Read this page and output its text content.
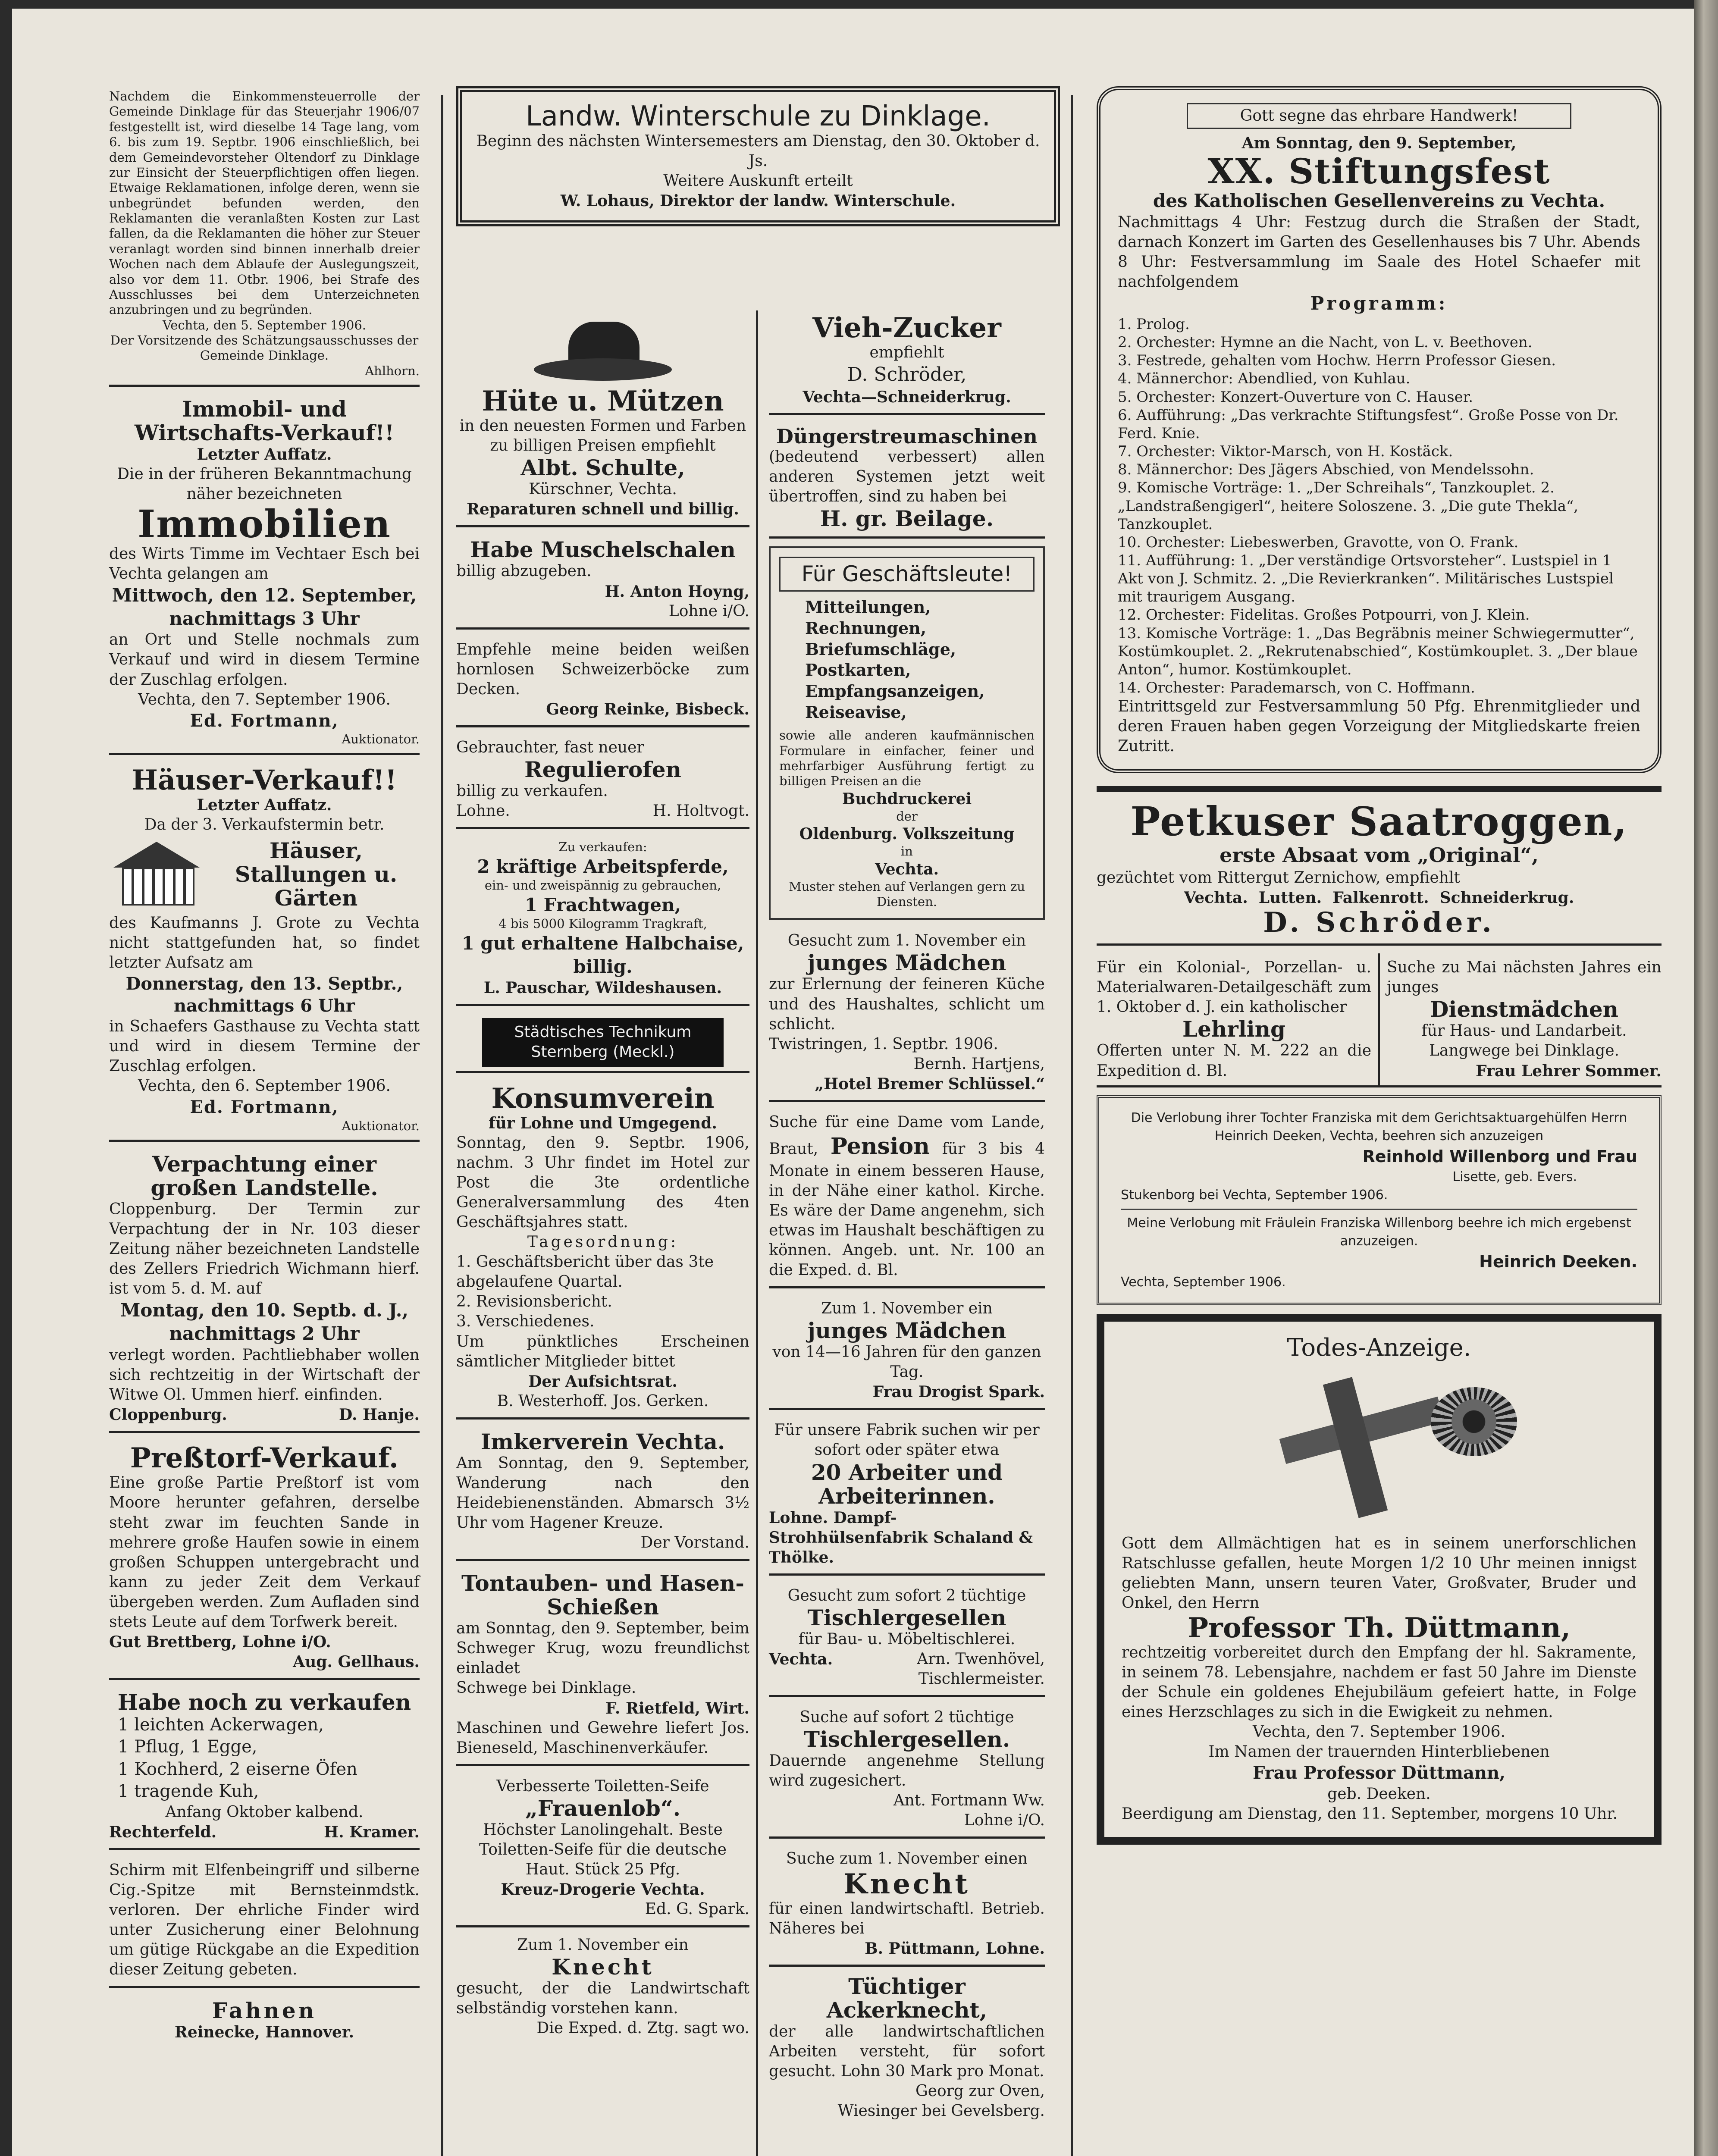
Nachdem die Einkommensteuerrolle der Gemeinde Dinklage für das Steuerjahr 1906/07 festgestellt ist, wird dieselbe 14 Tage lang, vom 6. bis zum 19. Septbr. 1906 einschließlich, bei dem Gemeindevorsteher Oltendorf zu Dinklage zur Einsicht der Steuerpflichtigen offen liegen. Etwaige Reklamationen, infolge deren, wenn sie unbegründet befunden werden, den Reklamanten die veranlaßten Kosten zur Last fallen, da die Reklamanten die höher zur Steuer veranlagt worden sind binnen innerhalb dreier Wochen nach dem Ablaufe der Auslegungszeit, also vor dem 11. Otbr. 1906, bei Strafe des Ausschlusses bei dem Unterzeichneten anzubringen und zu begründen.
Vechta, den 5. September 1906.
Der Vorsitzende des Schätzungsausschusses der Gemeinde Dinklage.
Ahlhorn.
Immobil- und Wirtschafts-Verkauf!!
Letzter Auffatz.
Die in der früheren Bekanntmachung näher bezeichneten
Immobilien
des Wirts Timme im Vechtaer Esch bei Vechta gelangen am
Mittwoch, den 12. September, nachmittags 3 Uhr
an Ort und Stelle nochmals zum Verkauf und wird in diesem Termine der Zuschlag erfolgen.
Vechta, den 7. September 1906.
Ed. Fortmann,
Auktionator.
Häuser-Verkauf!!
Letzter Auffatz.
Da der 3. Verkaufstermin betr.
Häuser, Stallungen u. Gärten
des Kaufmanns J. Grote zu Vechta nicht stattgefunden hat, so findet letzter Aufsatz am
Donnerstag, den 13. Septbr., nachmittags 6 Uhr
in Schaefers Gasthause zu Vechta statt und wird in diesem Termine der Zuschlag erfolgen.
Vechta, den 6. September 1906.
Ed. Fortmann,
Auktionator.
Verpachtung einer großen Landstelle.
Cloppenburg. Der Termin zur Verpachtung der in Nr. 103 dieser Zeitung näher bezeichneten Landstelle des Zellers Friedrich Wichmann hierf. ist vom 5. d. M. auf
Montag, den 10. Septb. d. J., nachmittags 2 Uhr
verlegt worden. Pachtliebhaber wollen sich rechtzeitig in der Wirtschaft der Witwe Ol. Ummen hierf. einfinden.
Cloppenburg.	D. Hanje.
Preßtorf-Verkauf.
Eine große Partie Preßtorf ist vom Moore herunter gefahren, derselbe steht zwar im feuchten Sande in mehrere große Haufen sowie in einem großen Schuppen untergebracht und kann zu jeder Zeit dem Verkauf übergeben werden. Zum Aufladen sind stets Leute auf dem Torfwerk bereit.
Gut Brettberg, Lohne i/O.
Aug. Gellhaus.
Habe noch zu verkaufen
1 leichten Ackerwagen,
1 Pflug, 1 Egge,
1 Kochherd, 2 eiserne Öfen
1 tragende Kuh,
Anfang Oktober kalbend.
Rechterfeld.	H. Kramer.
Schirm mit Elfenbeingriff und silberne Cig.-Spitze mit Bernsteinmdstk. verloren. Der ehrliche Finder wird unter Zusicherung einer Belohnung um gütige Rückgabe an die Expedition dieser Zeitung gebeten.
Fahnen
Reinecke, Hannover.
Landw. Winterschule zu Dinklage.
Beginn des nächsten Wintersemesters am Dienstag, den 30. Oktober d. Js.
Weitere Auskunft erteilt
W. Lohaus, Direktor der landw. Winterschule.
Hüte u. Mützen
in den neuesten Formen und Farben zu billigen Preisen empfiehlt
Albt. Schulte,
Kürschner, Vechta.
Reparaturen schnell und billig.
Habe Muschelschalen
billig abzugeben.
H. Anton Hoyng,
Lohne i/O.
Empfehle meine beiden weißen hornlosen Schweizerböcke zum Decken.
Georg Reinke, Bisbeck.
Gebrauchter, fast neuer
Regulierofen
billig zu verkaufen.
Lohne.	H. Holtvogt.
Zu verkaufen:
2 kräftige Arbeitspferde,
ein- und zweispännig zu gebrauchen,
1 Frachtwagen,
4 bis 5000 Kilogramm Tragkraft,
1 gut erhaltene Halbchaise, billig.
L. Pauschar, Wildeshausen.
Städtisches Technikum Sternberg (Meckl.)
Konsumverein
für Lohne und Umgegend.
Sonntag, den 9. Septbr. 1906, nachm. 3 Uhr findet im Hotel zur Post die 3te ordentliche Generalversammlung des 4ten Geschäftsjahres statt.
Tagesordnung:
1. Geschäftsbericht über das 3te abgelaufene Quartal.
2. Revisionsbericht.
3. Verschiedenes.
Um pünktliches Erscheinen sämtlicher Mitglieder bittet
Der Aufsichtsrat.
B. Westerhoff. Jos. Gerken.
Imkerverein Vechta.
Am Sonntag, den 9. September, Wanderung nach den Heidebienenständen. Abmarsch 3½ Uhr vom Hagener Kreuze.
Der Vorstand.
Tontauben- und Hasen-Schießen
am Sonntag, den 9. September, beim Schweger Krug, wozu freundlichst einladet
Schwege bei Dinklage.
F. Rietfeld, Wirt.
Maschinen und Gewehre liefert Jos. Bieneseld, Maschinenverkäufer.
Verbesserte Toiletten-Seife
„Frauenlob“.
Höchster Lanolingehalt. Beste Toiletten-Seife für die deutsche Haut. Stück 25 Pfg.
Kreuz-Drogerie Vechta.
Ed. G. Spark.
Zum 1. November ein
Knecht
gesucht, der die Landwirtschaft selbständig vorstehen kann.
Die Exped. d. Ztg. sagt wo.
Vieh-Zucker
empfiehlt
D. Schröder,
Vechta—Schneiderkrug.
Düngerstreumaschinen
(bedeutend verbessert) allen anderen Systemen jetzt weit übertroffen, sind zu haben bei
H. gr. Beilage.
Für Geschäftsleute!
Mitteilungen,
Rechnungen,
Briefumschläge,
Postkarten,
Empfangsanzeigen,
Reiseavise,
sowie alle anderen kaufmännischen Formulare in einfacher, feiner und mehrfarbiger Ausführung fertigt zu billigen Preisen an die
Buchdruckerei
der
Oldenburg. Volkszeitung
in
Vechta.
Muster stehen auf Verlangen gern zu Diensten.
Gesucht zum 1. November ein
junges Mädchen
zur Erlernung der feineren Küche und des Haushaltes, schlicht um schlicht.
Twistringen, 1. Septbr. 1906.
Bernh. Hartjens,
„Hotel Bremer Schlüssel.“
Suche für eine Dame vom Lande, Braut, Pension für 3 bis 4 Monate in einem besseren Hause, in der Nähe einer kathol. Kirche. Es wäre der Dame angenehm, sich etwas im Haushalt beschäftigen zu können. Angeb. unt. Nr. 100 an die Exped. d. Bl.
Zum 1. November ein
junges Mädchen
von 14—16 Jahren für den ganzen Tag.
Frau Drogist Spark.
Für unsere Fabrik suchen wir per sofort oder später etwa
20 Arbeiter und Arbeiterinnen.
Lohne. Dampf-Strohhülsenfabrik Schaland & Thölke.
Gesucht zum sofort 2 tüchtige
Tischlergesellen
für Bau- u. Möbeltischlerei.
Vechta.	Arn. Twenhövel,
Tischlermeister.
Suche auf sofort 2 tüchtige
Tischlergesellen.
Dauernde angenehme Stellung wird zugesichert.
Ant. Fortmann Ww.
Lohne i/O.
Suche zum 1. November einen
Knecht
für einen landwirtschaftl. Betrieb. Näheres bei
B. Püttmann, Lohne.
Tüchtiger Ackerknecht,
der alle landwirtschaftlichen Arbeiten versteht, für sofort gesucht. Lohn 30 Mark pro Monat.
Georg zur Oven,
Wiesinger bei Gevelsberg.
Gott segne das ehrbare Handwerk!
Am Sonntag, den 9. September,
XX. Stiftungsfest
des Katholischen Gesellenvereins zu Vechta.
Nachmittags 4 Uhr: Festzug durch die Straßen der Stadt, darnach Konzert im Garten des Gesellenhauses bis 7 Uhr. Abends 8 Uhr: Festversammlung im Saale des Hotel Schaefer mit nachfolgendem
Programm:
1. Prolog.
2. Orchester: Hymne an die Nacht, von L. v. Beethoven.
3. Festrede, gehalten vom Hochw. Herrn Professor Giesen.
4. Männerchor: Abendlied, von Kuhlau.
5. Orchester: Konzert-Ouverture von C. Hauser.
6. Aufführung: „Das verkrachte Stiftungsfest“. Große Posse von Dr. Ferd. Knie.
7. Orchester: Viktor-Marsch, von H. Kostäck.
8. Männerchor: Des Jägers Abschied, von Mendelssohn.
9. Komische Vorträge: 1. „Der Schreihals“, Tanzkouplet. 2. „Landstraßengigerl“, heitere Soloszene. 3. „Die gute Thekla“, Tanzkouplet.
10. Orchester: Liebeswerben, Gravotte, von O. Frank.
11. Aufführung: 1. „Der verständige Ortsvorsteher“. Lustspiel in 1 Akt von J. Schmitz. 2. „Die Revierkranken“. Militärisches Lustspiel mit traurigem Ausgang.
12. Orchester: Fidelitas. Großes Potpourri, von J. Klein.
13. Komische Vorträge: 1. „Das Begräbnis meiner Schwiegermutter“, Kostümkouplet. 2. „Rekrutenabschied“, Kostümkouplet. 3. „Der blaue Anton“, humor. Kostümkouplet.
14. Orchester: Parademarsch, von C. Hoffmann.
Eintrittsgeld zur Festversammlung 50 Pfg. Ehrenmitglieder und deren Frauen haben gegen Vorzeigung der Mitgliedskarte freien Zutritt.
Petkuser Saatroggen,
erste Absaat vom „Original“,
gezüchtet vom Rittergut Zernichow, empfiehlt
Vechta.  Lutten.  Falkenrott.  Schneiderkrug.
D. Schröder.
Für ein Kolonial-, Porzellan- u. Materialwaren-Detailgeschäft zum 1. Oktober d. J. ein katholischer
Lehrling
Offerten unter N. M. 222 an die Expedition d. Bl.
Suche zu Mai nächsten Jahres ein junges
Dienstmädchen
für Haus- und Landarbeit.
Langwege bei Dinklage.
Frau Lehrer Sommer.
Die Verlobung ihrer Tochter Franziska mit dem Gerichtsaktuargehülfen Herrn Heinrich Deeken, Vechta, beehren sich anzuzeigen
Reinhold Willenborg und Frau
Lisette, geb. Evers.
Stukenborg bei Vechta, September 1906.
Meine Verlobung mit Fräulein Franziska Willenborg beehre ich mich ergebenst anzuzeigen.
Heinrich Deeken.
Vechta, September 1906.
Todes-Anzeige.
Gott dem Allmächtigen hat es in seinem unerforschlichen Ratschlusse gefallen, heute Morgen 1/2 10 Uhr meinen innigst geliebten Mann, unsern teuren Vater, Großvater, Bruder und Onkel, den Herrn
Professor Th. Düttmann,
rechtzeitig vorbereitet durch den Empfang der hl. Sakramente, in seinem 78. Lebensjahre, nachdem er fast 50 Jahre im Dienste der Schule ein goldenes Ehejubiläum gefeiert hatte, in Folge eines Herzschlages zu sich in die Ewigkeit zu nehmen.
Vechta, den 7. September 1906.
Im Namen der trauernden Hinterbliebenen
Frau Professor Düttmann,
geb. Deeken.
Beerdigung am Dienstag, den 11. September, morgens 10 Uhr.
